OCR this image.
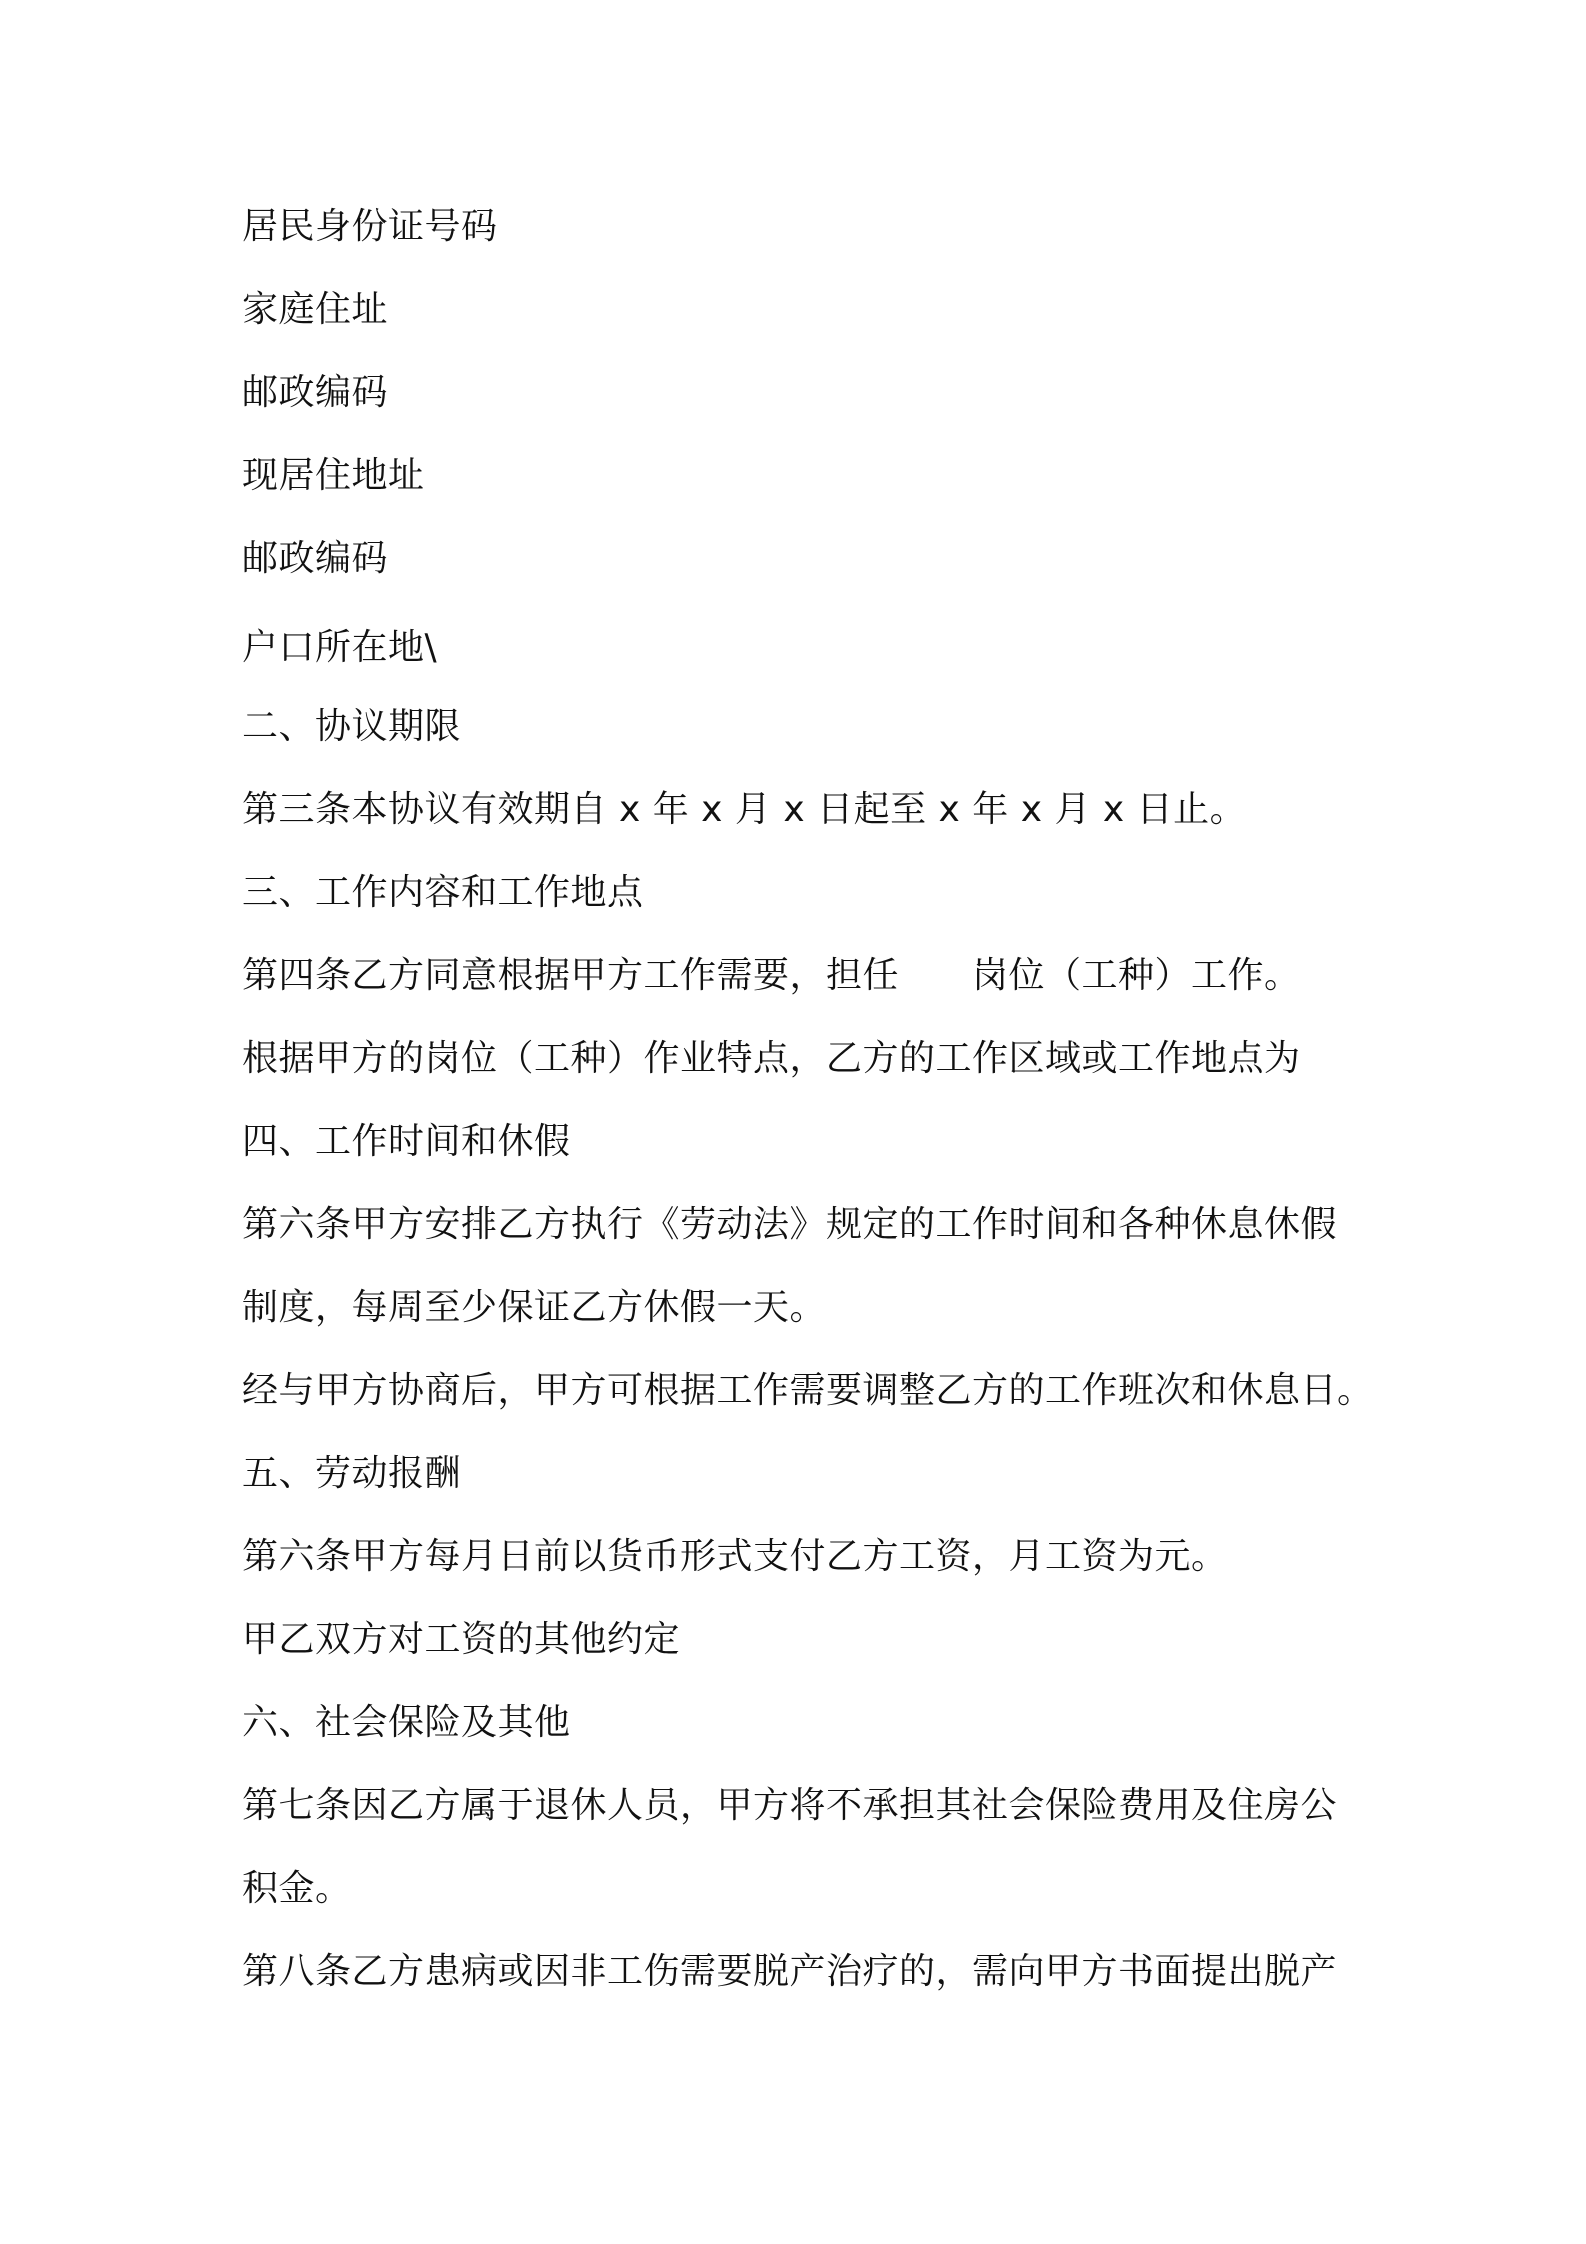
居民身份证号码
家庭住址
邮政编码
现居住地址
邮政编码
户口所在地\
二、协议期限
第三条本协议有效期自 x 年 x 月 x 日起至 x 年 x 月 x 日止。
三、工作内容和工作地点
第四条乙方同意根据甲方工作需要，担任　　岗位（工种）工作。
根据甲方的岗位（工种）作业特点，乙方的工作区域或工作地点为
四、工作时间和休假
第六条甲方安排乙方执行《劳动法》规定的工作时间和各种休息休假
制度，每周至少保证乙方休假一天。
经与甲方协商后，甲方可根据工作需要调整乙方的工作班次和休息日。
五、劳动报酬
第六条甲方每月日前以货币形式支付乙方工资，月工资为元。
甲乙双方对工资的其他约定
六、社会保险及其他
第七条因乙方属于退休人员，甲方将不承担其社会保险费用及住房公
积金。
第八条乙方患病或因非工伤需要脱产治疗的，需向甲方书面提出脱产
